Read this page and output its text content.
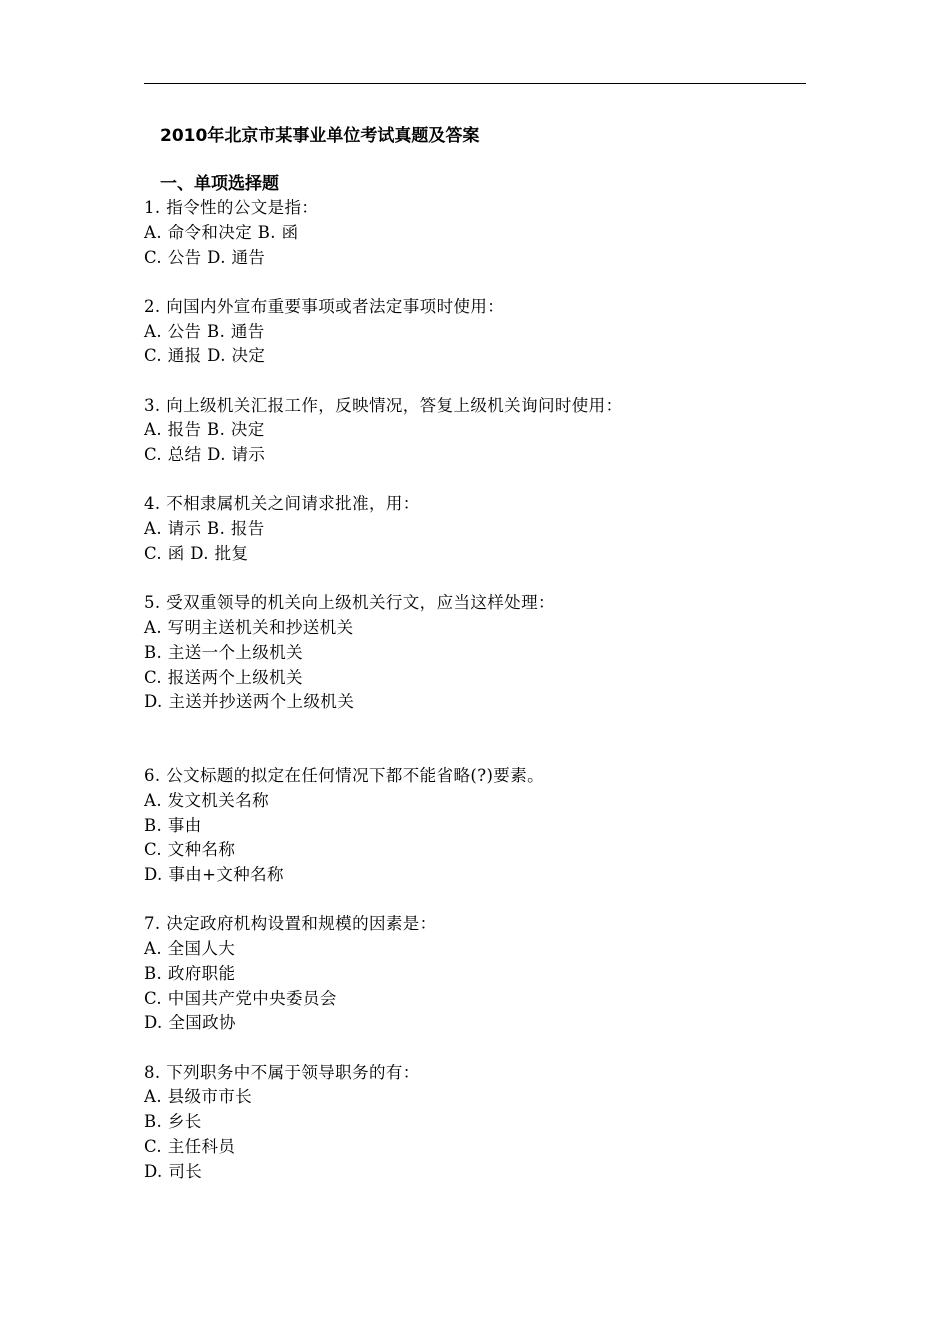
2010年北京市某事业单位考试真题及答案
一、单项选择题
1. 指令性的公文是指：
A. 命令和决定 B. 函
C. 公告 D. 通告
2. 向国内外宣布重要事项或者法定事项时使用：
A. 公告 B. 通告
C. 通报 D. 决定
3. 向上级机关汇报工作，反映情况，答复上级机关询问时使用：
A. 报告 B. 决定
C. 总结 D. 请示
4. 不相隶属机关之间请求批准，用：
A. 请示 B. 报告
C. 函 D. 批复
5. 受双重领导的机关向上级机关行文，应当这样处理：
A. 写明主送机关和抄送机关
B. 主送一个上级机关
C. 报送两个上级机关
D. 主送并抄送两个上级机关
6. 公文标题的拟定在任何情况下都不能省略(?)要素。
A. 发文机关名称
B. 事由
C. 文种名称
D. 事由+文种名称
7. 决定政府机构设置和规模的因素是：
A. 全国人大
B. 政府职能
C. 中国共产党中央委员会
D. 全国政协
8. 下列职务中不属于领导职务的有：
A. 县级市市长
B. 乡长
C. 主任科员
D. 司长
